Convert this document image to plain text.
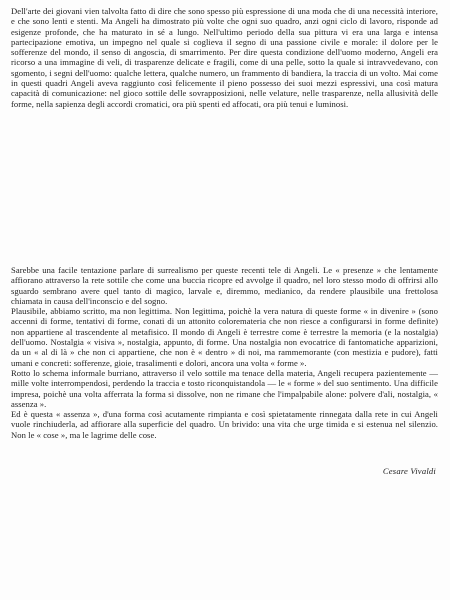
Dell'arte dei giovani vien talvolta fatto di dire che sono spesso più espressione di una moda che di una necessità interiore, e che sono lenti e stenti. Ma Angeli ha dimostrato più volte che ogni suo quadro, anzi ogni ciclo di lavoro, risponde ad esigenze profonde, che ha maturato in sé a lungo. Nell'ultimo periodo della sua pittura vi era una larga e intensa partecipazione emotiva, un impegno nel quale si coglieva il segno di una passione civile e morale: il dolore per le sofferenze del mondo, il senso di angoscia, di smarrimento. Per dire questa condizione dell'uomo moderno, Angeli era ricorso a una immagine di veli, di trasparenze delicate e fragili, come di una pelle, sotto la quale si intravvedevano, con sgomento, i segni dell'uomo: qualche lettera, qualche numero, un frammento di bandiera, la traccia di un volto. Mai come in questi quadri Angeli aveva raggiunto così felicemente il pieno possesso dei suoi mezzi espressivi, una così matura capacità di comunicazione: nel gioco sottile delle sovrapposizioni, nelle velature, nelle trasparenze, nella allusività delle forme, nella sapienza degli accordi cromatici, ora più spenti ed affocati, ora più tenui e luminosi.

Sarebbe una facile tentazione parlare di surrealismo per queste recenti tele di Angeli. Le « presenze » che lentamente affiorano attraverso la rete sottile che come una buccia ricopre ed avvolge il quadro, nel loro stesso modo di offrirsi allo sguardo sembrano avere quel tanto di magico, larvale e, diremmo, medianico, da rendere plausibile una frettolosa chiamata in causa dell'inconscio e del sogno.

Plausibile, abbiamo scritto, ma non legittima. Non legittima, poichè la vera natura di queste forme « in divenire » (sono accenni di forme, tentativi di forme, conati di un attonito coloremateria che non riesce a configurarsi in forme definite) non appartiene al trascendente al metafisico. Il mondo di Angeli è terrestre come è terrestre la memoria (e la nostalgia) dell'uomo. Nostalgia « visiva », nostalgia, appunto, di forme. Una nostalgia non evocatrice di fantomatiche apparizioni, da un « al di là » che non ci appartiene, che non è « dentro » di noi, ma rammemorante (con mestizia e pudore), fatti umani e concreti: sofferenze, gioie, trasalimenti e dolori, ancora una volta « forme ».

Rotto lo schema informale burriano, attraverso il velo sottile ma tenace della materia, Angeli recupera pazientemente — mille volte interrompendosi, perdendo la traccia e tosto riconquistandola — le « forme » del suo sentimento. Una difficile impresa, poichè una volta afferrata la forma si dissolve, non ne rimane che l'impalpabile alone: polvere d'ali, nostalgia, « assenza ».

Ed è questa « assenza », d'una forma così acutamente rimpianta e così spietatamente rinnegata dalla rete in cui Angeli vuole rinchiuderla, ad affiorare alla superficie del quadro. Un brivido: una vita che urge timida e si estenua nel silenzio. Non le « cose », ma le lagrime delle cose.

Cesare Vivaldi
